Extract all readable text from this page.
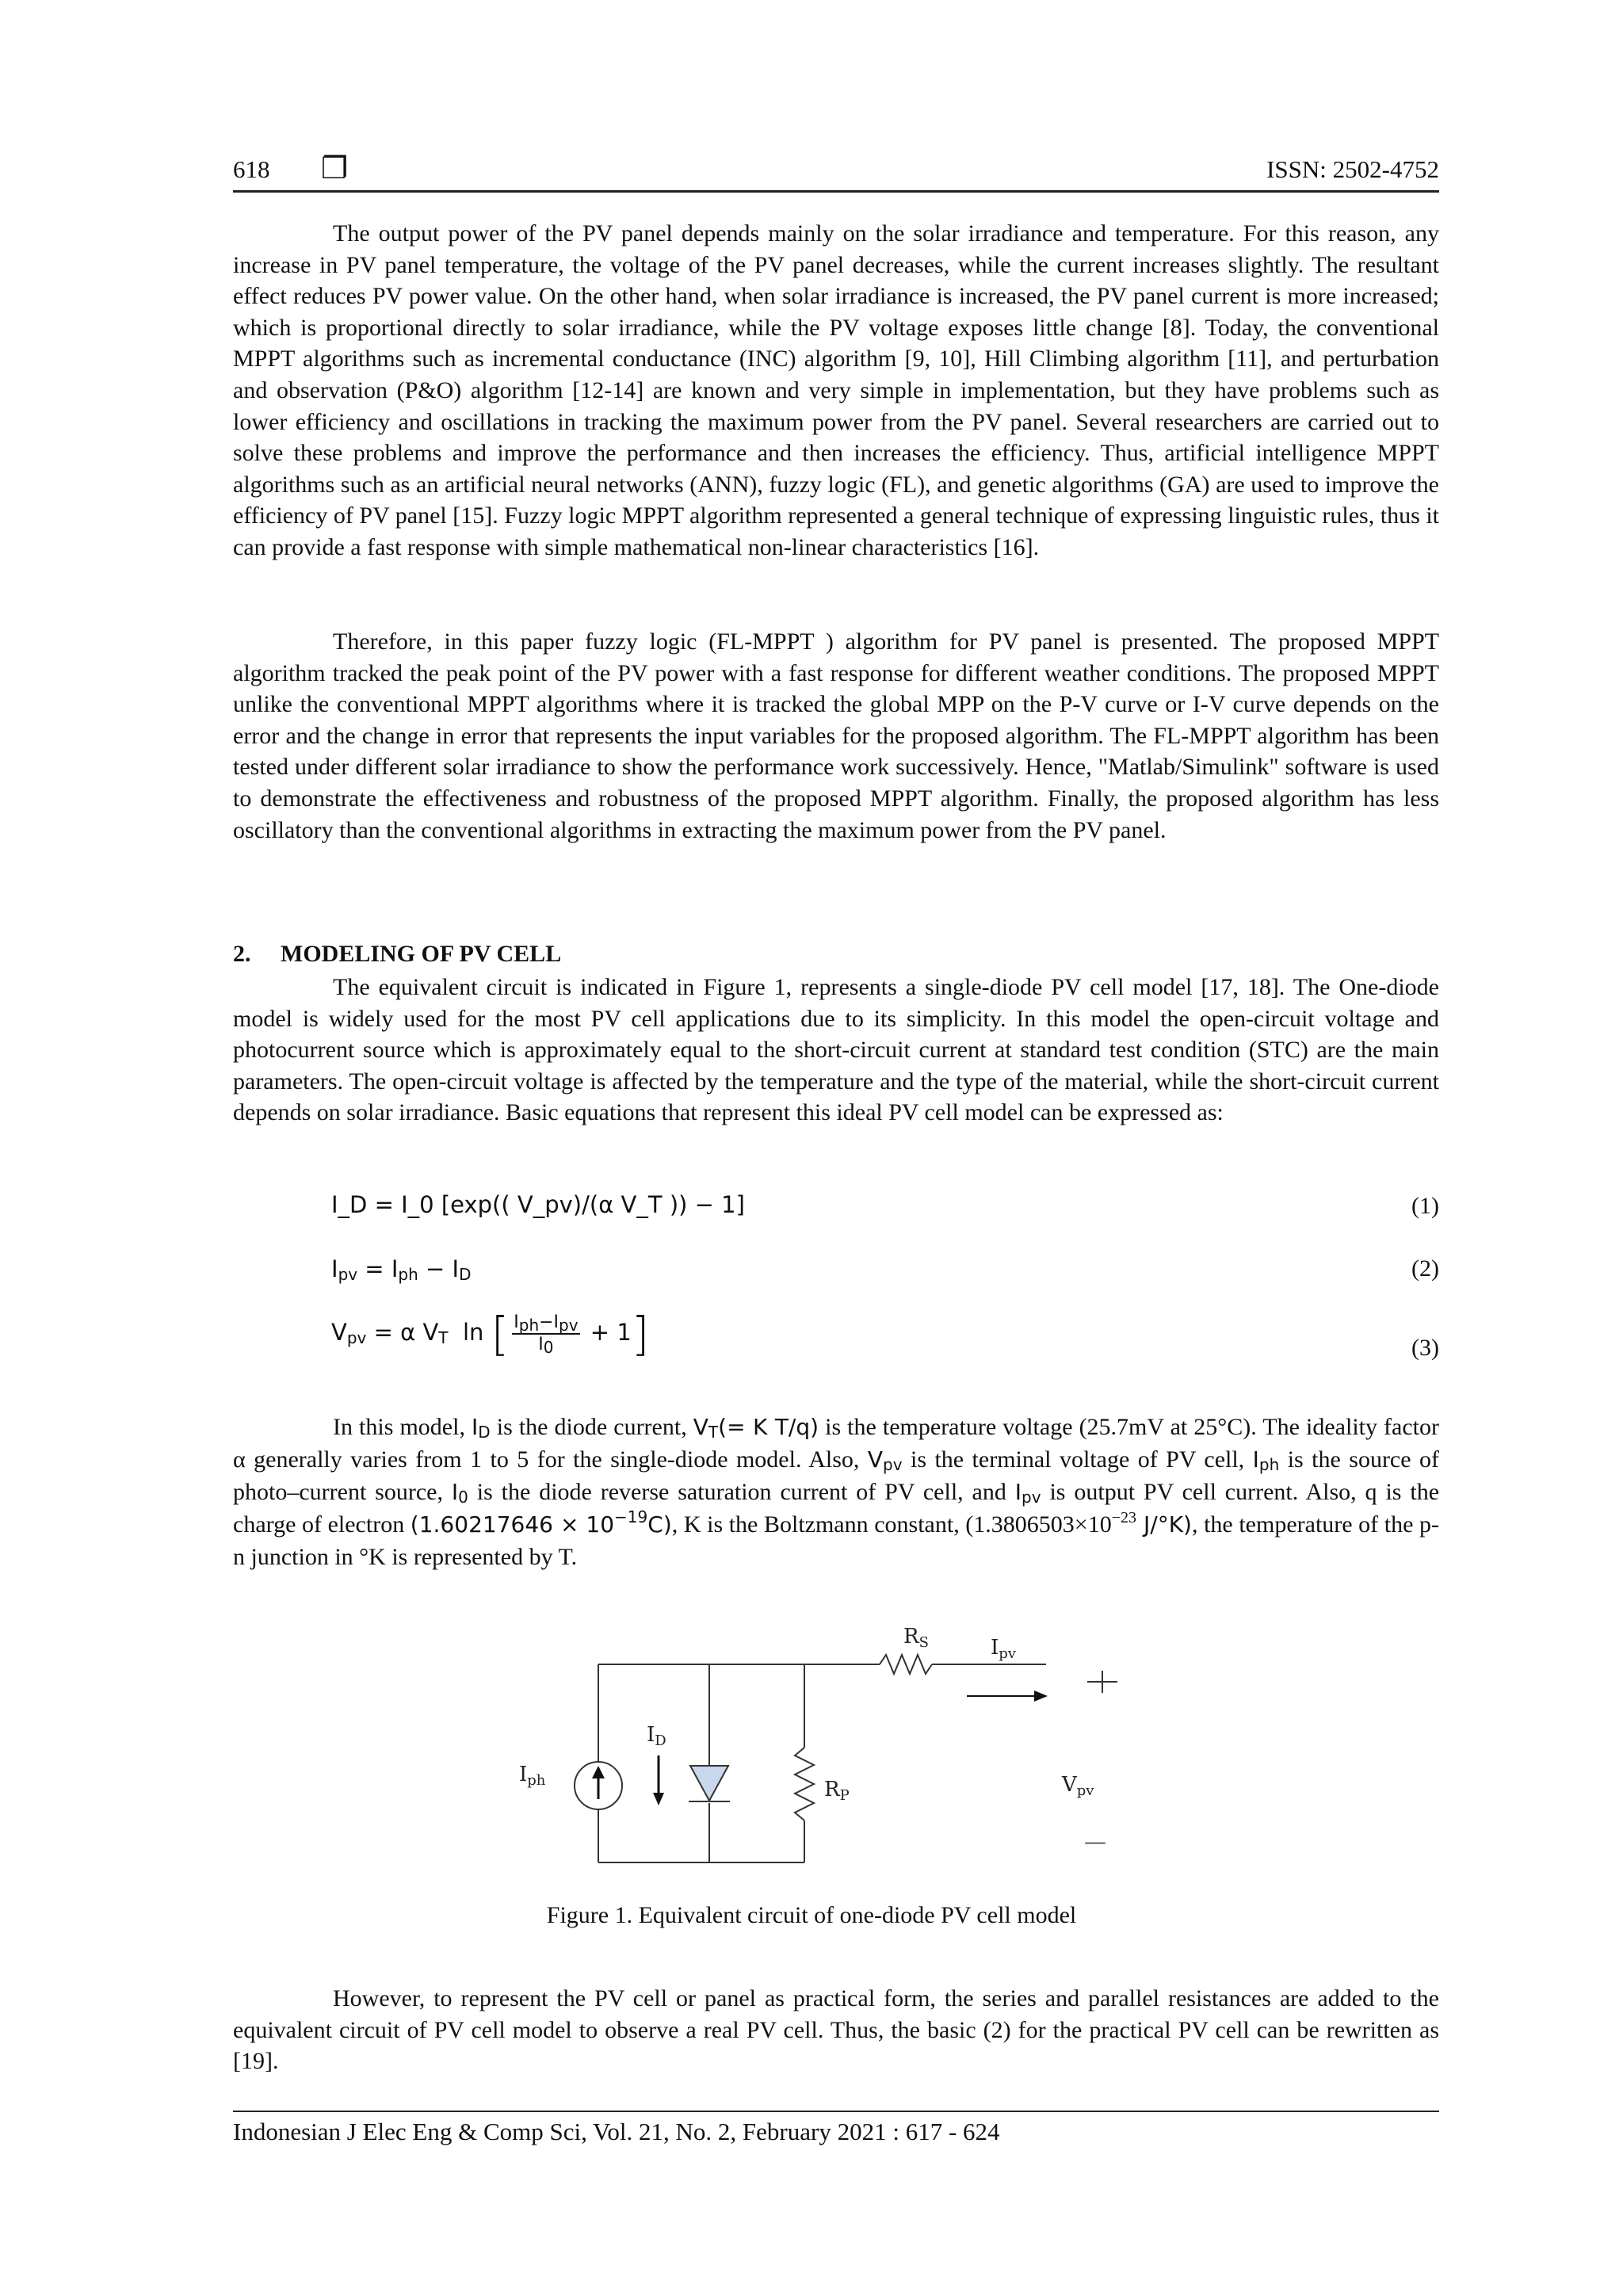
618 ❐	ISSN: 2502-4752

The output power of the PV panel depends mainly on the solar irradiance and temperature. For this reason, any increase in PV panel temperature, the voltage of the PV panel decreases, while the current increases slightly. The resultant effect reduces PV power value. On the other hand, when solar irradiance is increased, the PV panel current is more increased; which is proportional directly to solar irradiance, while the PV voltage exposes little change [8]. Today, the conventional MPPT algorithms such as incremental conductance (INC) algorithm [9, 10], Hill Climbing algorithm [11], and perturbation and observation (P&O) algorithm [12-14] are known and very simple in implementation, but they have problems such as lower efficiency and oscillations in tracking the maximum power from the PV panel. Several researchers are carried out to solve these problems and improve the performance and then increases the efficiency. Thus, artificial intelligence MPPT algorithms such as an artificial neural networks (ANN), fuzzy logic (FL), and genetic algorithms (GA) are used to improve the efficiency of PV panel [15]. Fuzzy logic MPPT algorithm represented a general technique of expressing linguistic rules, thus it can provide a fast response with simple mathematical non-linear characteristics [16].

Therefore, in this paper fuzzy logic (FL-MPPT ) algorithm for PV panel is presented. The proposed MPPT algorithm tracked the peak point of the PV power with a fast response for different weather conditions. The proposed MPPT unlike the conventional MPPT algorithms where it is tracked the global MPP on the P-V curve or I-V curve depends on the error and the change in error that represents the input variables for the proposed algorithm. The FL-MPPT algorithm has been tested under different solar irradiance to show the performance work successively. Hence, "Matlab/Simulink" software is used to demonstrate the effectiveness and robustness of the proposed MPPT algorithm. Finally, the proposed algorithm has less oscillatory than the conventional algorithms in extracting the maximum power from the PV panel.

2. MODELING OF PV CELL

The equivalent circuit is indicated in Figure 1, represents a single-diode PV cell model [17, 18]. The One-diode model is widely used for the most PV cell applications due to its simplicity. In this model the open-circuit voltage and photocurrent source which is approximately equal to the short-circuit current at standard test condition (STC) are the main parameters. The open-circuit voltage is affected by the temperature and the type of the material, while the short-circuit current depends on solar irradiance. Basic equations that represent this ideal PV cell model can be expressed as:

I_D = I_0 [exp(( V_pv)/(α V_T )) − 1]	(1)
$I_{pv} = I_{ph} - I_D$	(2)
$V_{pv} = \alpha$ $V_T$  ln [ $\frac{I_{ph}-I_{pv}}{I_0} + 1$]	(3)

In this model, $I_D$ is the diode current, $V_T(= K$ T/q) is the temperature voltage (25.7mV at 25°C). The ideality factor α generally varies from 1 to 5 for the single-diode model. Also, $V_{pv}$ is the terminal voltage of PV cell, $I_{ph}$ is the source of photo–current source, $I_0$ is the diode reverse saturation current of PV cell, and $I_{pv}$ is output PV cell current. Also, q is the charge of electron $(1.60217646 \times 10^{-19}C)$, K is the Boltzmann constant, ($1.3806503\times 10^{-23}$ J/°K), the temperature of the p-n junction in °K is represented by T.

RS	Ipv
ID
Iph	RP	Vpv
—
Figure 1. Equivalent circuit of one-diode PV cell model

However, to represent the PV cell or panel as practical form, the series and parallel resistances are added to the equivalent circuit of PV cell model to observe a real PV cell. Thus, the basic (2) for the practical PV cell can be rewritten as [19].

Indonesian J Elec Eng & Comp Sci, Vol. 21, No. 2, February 2021 : 617 - 624
